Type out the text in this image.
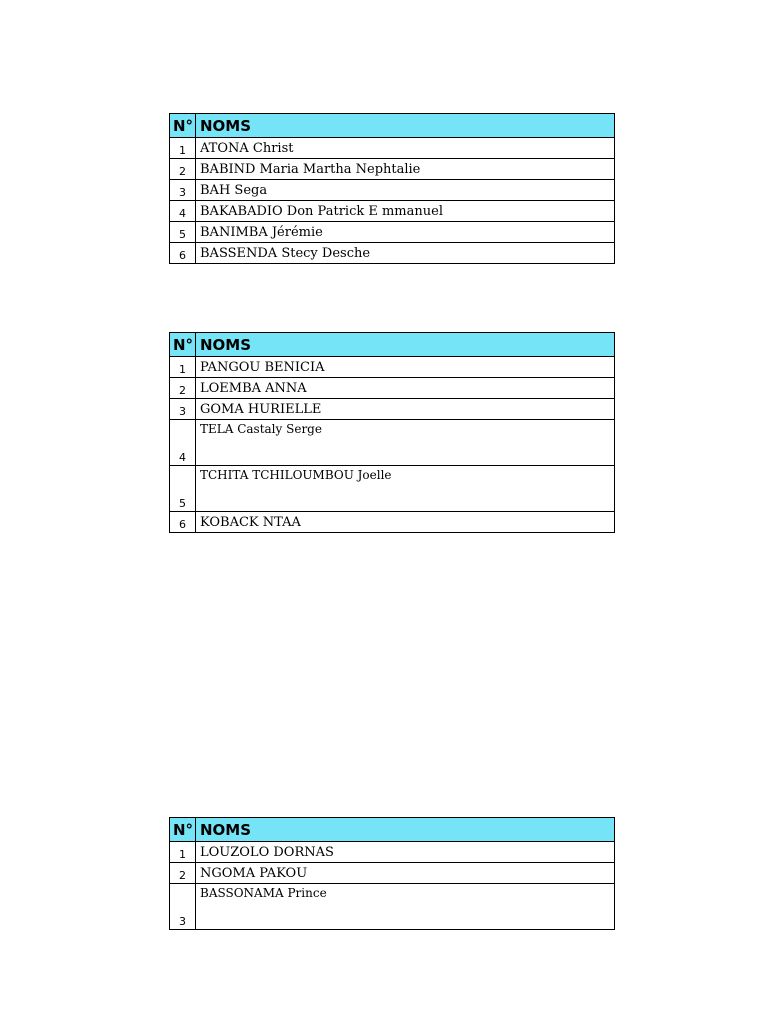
N°	NOMS
1	ATONA Christ
2	BABIND Maria Martha Nephtalie
3	BAH Sega
4	BAKABADIO Don Patrick E mmanuel
5	BANIMBA Jérémie
6	BASSENDA Stecy Desche
N°	NOMS
1	PANGOU BENICIA
2	LOEMBA ANNA
3	GOMA HURIELLE
4	TELA Castaly Serge
5	TCHITA TCHILOUMBOU Joelle
6	KOBACK NTAA
N°	NOMS
1	LOUZOLO DORNAS
2	NGOMA PAKOU
3	BASSONAMA Prince
